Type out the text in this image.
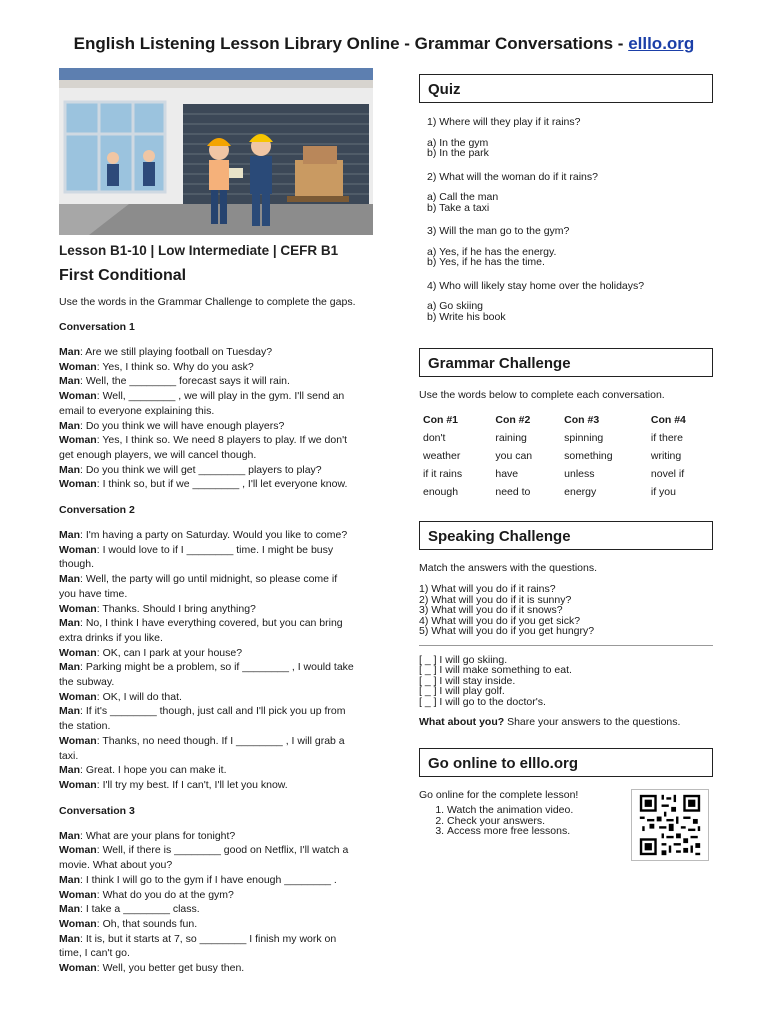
English Listening Lesson Library Online - Grammar Conversations - elllo.org
Lesson B1-10 | Low Intermediate | CEFR B1
First Conditional
Use the words in the Grammar Challenge to complete the gaps.
Conversation 1
Man: Are we still playing football on Tuesday?
Woman: Yes, I think so. Why do you ask?
Man: Well, the ________ forecast says it will rain.
Woman: Well, ________ , we will play in the gym. I'll send an
email to everyone explaining this.
Man: Do you think we will have enough players?
Woman: Yes, I think so. We need 8 players to play. If we don't
get enough players, we will cancel though.
Man: Do you think we will get ________ players to play?
Woman: I think so, but if we ________ , I'll let everyone know.
Conversation 2
Man: I'm having a party on Saturday. Would you like to come?
Woman: I would love to if I ________ time. I might be busy
though.
Man: Well, the party will go until midnight, so please come if
you have time.
Woman: Thanks. Should I bring anything?
Man: No, I think I have everything covered, but you can bring
extra drinks if you like.
Woman: OK, can I park at your house?
Man: Parking might be a problem, so if ________ , I would take
the subway.
Woman: OK, I will do that.
Man: If it's ________ though, just call and I'll pick you up from
the station.
Woman: Thanks, no need though. If I ________ , I will grab a
taxi.
Man: Great. I hope you can make it.
Woman: I'll try my best. If I can't, I'll let you know.
Conversation 3
Man: What are your plans for tonight?
Woman: Well, if there is ________ good on Netflix, I'll watch a
movie. What about you?
Man: I think I will go to the gym if I have enough ________ .
Woman: What do you do at the gym?
Man: I take a ________ class.
Woman: Oh, that sounds fun.
Man: It is, but it starts at 7, so ________ I finish my work on
time, I can't go.
Woman: Well, you better get busy then.
Quiz
1) Where will they play if it rains?
a) In the gym
b) In the park
2) What will the woman do if it rains?
a) Call the man
b) Take a taxi
3) Will the man go to the gym?
a) Yes, if he has the energy.
b) Yes, if he has the time.
4) Who will likely stay home over the holidays?
a) Go skiing
b) Write his book
Grammar Challenge
Use the words below to complete each conversation.
Con #1	Con #2	Con #3	Con #4
don't	raining	spinning	if there
weather	you can	something	writing
if it rains	have	unless	novel if
enough	need to	energy	if you
Speaking Challenge
Match the answers with the questions.
1) What will you do if it rains?
2) What will you do if it is sunny?
3) What will you do if it snows?
4) What will you do if you get sick?
5) What will you do if you get hungry?
[ _ ] I will go skiing.
[ _ ] I will make something to eat.
[ _ ] I will stay inside.
[ _ ] I will play golf.
[ _ ] I will go to the doctor's.
What about you? Share your answers to the questions.
Go online to elllo.org
Go online for the complete lesson!
1. Watch the animation video.
2. Check your answers.
3. Access more free lessons.
